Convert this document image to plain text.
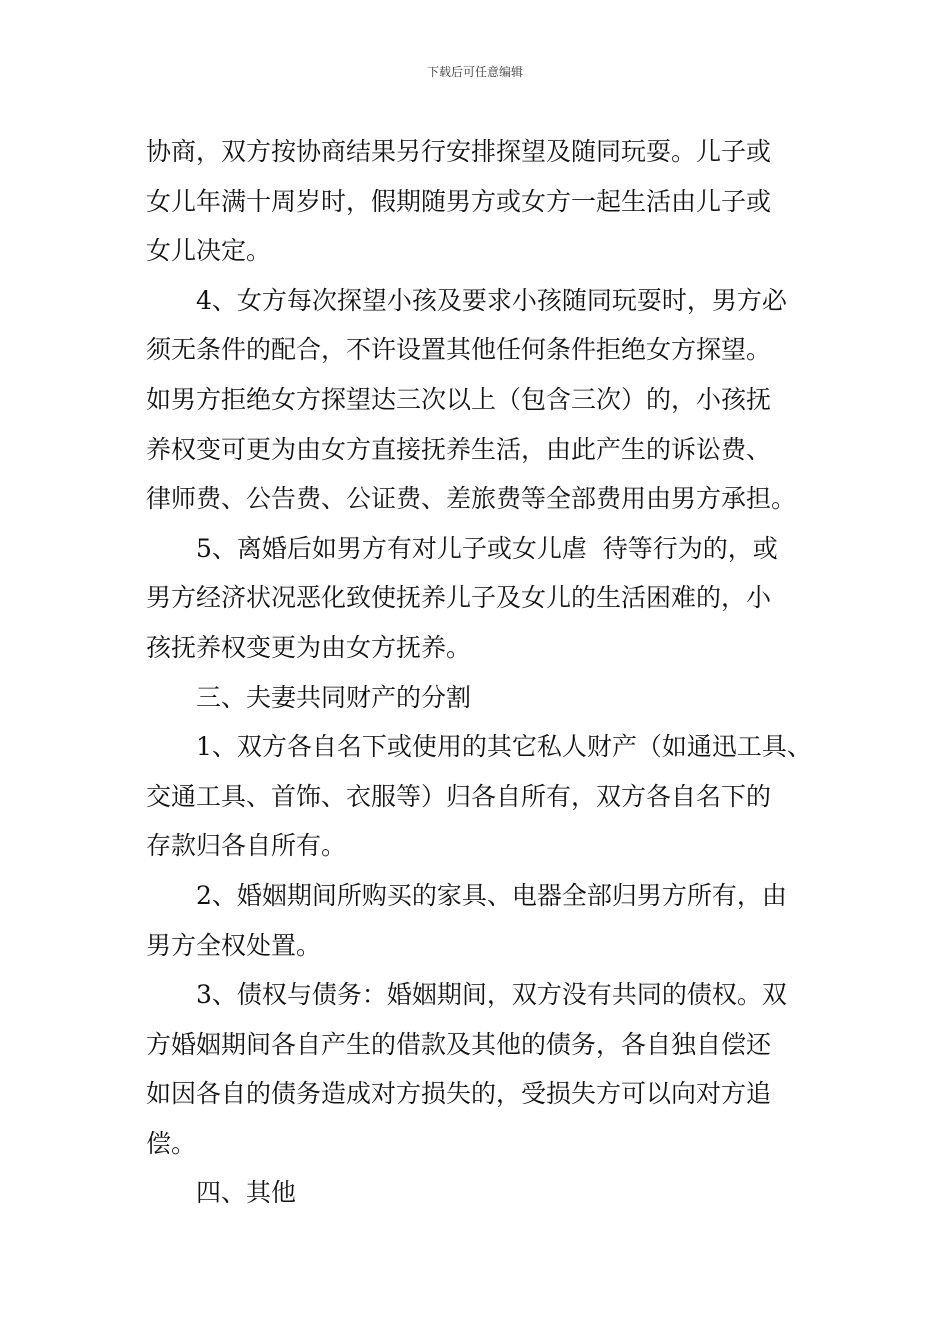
下载后可任意编辑
协商，双方按协商结果另行安排探望及随同玩耍。儿子或
女儿年满十周岁时，假期随男方或女方一起生活由儿子或
女儿决定。
4、女方每次探望小孩及要求小孩随同玩耍时，男方必
须无条件的配合，不许设置其他任何条件拒绝女方探望。
如男方拒绝女方探望达三次以上（包含三次）的，小孩抚
养权变可更为由女方直接抚养生活，由此产生的诉讼费、
律师费、公告费、公证费、差旅费等全部费用由男方承担。
5、离婚后如男方有对儿子或女儿虐  待等行为的，或
男方经济状况恶化致使抚养儿子及女儿的生活困难的，小
孩抚养权变更为由女方抚养。
三、夫妻共同财产的分割
1、双方各自名下或使用的其它私人财产（如通迅工具、
交通工具、首饰、衣服等）归各自所有，双方各自名下的
存款归各自所有。
2、婚姻期间所购买的家具、电器全部归男方所有，由
男方全权处置。
3、债权与债务：婚姻期间，双方没有共同的债权。双
方婚姻期间各自产生的借款及其他的债务，各自独自偿还
如因各自的债务造成对方损失的，受损失方可以向对方追
偿。
四、其他
